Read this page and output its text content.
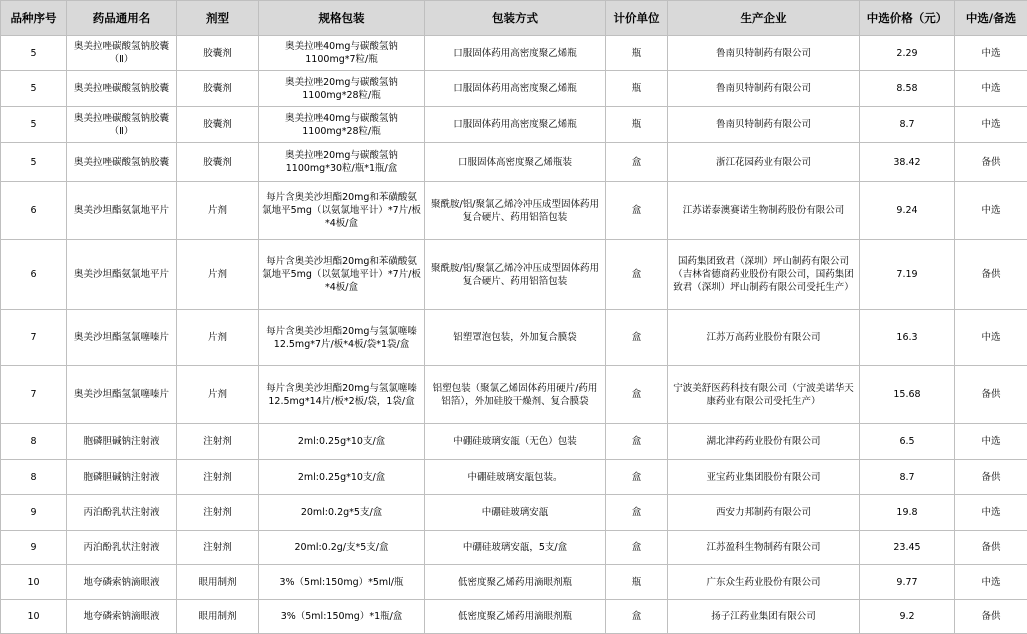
品种序号	药品通用名	剂型	规格包装	包装方式	计价单位	生产企业	中选价格（元）	中选/备选
5	奥美拉唑碳酸氢钠胶囊（Ⅱ）	胶囊剂	奥美拉唑40mg与碳酸氢钠1100mg*7粒/瓶	口服固体药用高密度聚乙烯瓶	瓶	鲁南贝特制药有限公司	2.29	中选
5	奥美拉唑碳酸氢钠胶囊	胶囊剂	奥美拉唑20mg与碳酸氢钠1100mg*28粒/瓶	口服固体药用高密度聚乙烯瓶	瓶	鲁南贝特制药有限公司	8.58	中选
5	奥美拉唑碳酸氢钠胶囊（Ⅱ）	胶囊剂	奥美拉唑40mg与碳酸氢钠1100mg*28粒/瓶	口服固体药用高密度聚乙烯瓶	瓶	鲁南贝特制药有限公司	8.7	中选
5	奥美拉唑碳酸氢钠胶囊	胶囊剂	奥美拉唑20mg与碳酸氢钠1100mg*30粒/瓶*1瓶/盒	口服固体高密度聚乙烯瓶装	盒	浙江花园药业有限公司	38.42	备供
6	奥美沙坦酯氨氯地平片	片剂	每片含奥美沙坦酯20mg和苯磺酸氨氯地平5mg（以氨氯地平计）*7片/板*4板/盒	聚酰胺/铝/聚氯乙烯冷冲压成型固体药用复合硬片、药用铝箔包装	盒	江苏诺泰澳赛诺生物制药股份有限公司	9.24	中选
6	奥美沙坦酯氨氯地平片	片剂	每片含奥美沙坦酯20mg和苯磺酸氨氯地平5mg（以氨氯地平计）*7片/板*4板/盒	聚酰胺/铝/聚氯乙烯冷冲压成型固体药用复合硬片、药用铝箔包装	盒	国药集团致君（深圳）坪山制药有限公司（吉林省德商药业股份有限公司，国药集团致君（深圳）坪山制药有限公司受托生产）	7.19	备供
7	奥美沙坦酯氢氯噻嗪片	片剂	每片含奥美沙坦酯20mg与氢氯噻嗪12.5mg*7片/板*4板/袋*1袋/盒	铝塑罩泡包装，外加复合膜袋	盒	江苏万高药业股份有限公司	16.3	中选
7	奥美沙坦酯氢氯噻嗪片	片剂	每片含奥美沙坦酯20mg与氢氯噻嗪12.5mg*14片/板*2板/袋，1袋/盒	铝塑包装（聚氯乙烯固体药用硬片/药用铝箔），外加硅胶干燥剂、复合膜袋	盒	宁波美舒医药科技有限公司（宁波美诺华天康药业有限公司受托生产）	15.68	备供
8	胞磷胆碱钠注射液	注射剂	2ml:0.25g*10支/盒	中硼硅玻璃安瓿（无色）包装	盒	湖北津药药业股份有限公司	6.5	中选
8	胞磷胆碱钠注射液	注射剂	2ml:0.25g*10支/盒	中硼硅玻璃安瓿包装。	盒	亚宝药业集团股份有限公司	8.7	备供
9	丙泊酚乳状注射液	注射剂	20ml:0.2g*5支/盒	中硼硅玻璃安瓿	盒	西安力邦制药有限公司	19.8	中选
9	丙泊酚乳状注射液	注射剂	20ml:0.2g/支*5支/盒	中硼硅玻璃安瓿，5支/盒	盒	江苏盈科生物制药有限公司	23.45	备供
10	地夸磷索钠滴眼液	眼用制剂	3%（5ml:150mg）*5ml/瓶	低密度聚乙烯药用滴眼剂瓶	瓶	广东众生药业股份有限公司	9.77	中选
10	地夸磷索钠滴眼液	眼用制剂	3%（5ml:150mg）*1瓶/盒	低密度聚乙烯药用滴眼剂瓶	盒	扬子江药业集团有限公司	9.2	备供
